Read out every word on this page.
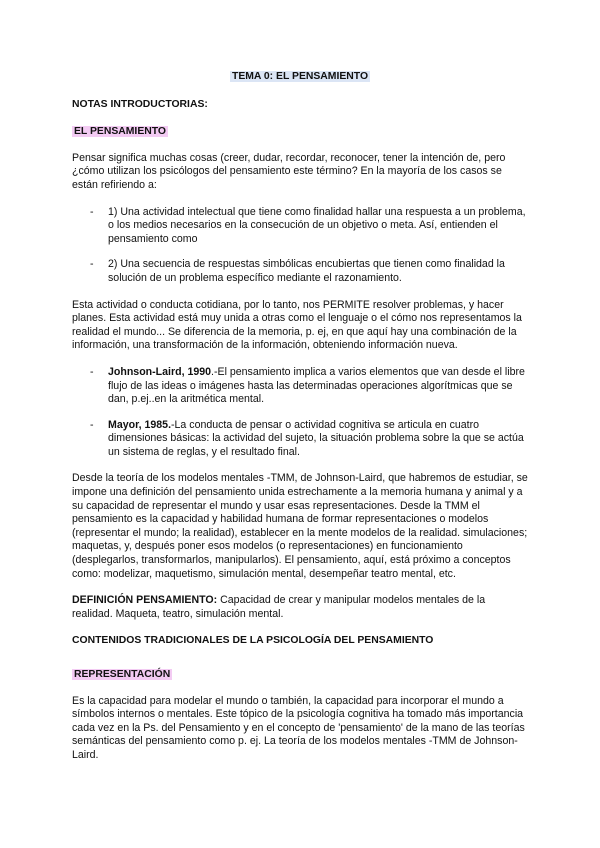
TEMA 0: EL PENSAMIENTO
NOTAS INTRODUCTORIAS:
EL PENSAMIENTO

Pensar significa muchas cosas (creer, dudar, recordar, reconocer, tener la intención de, pero ¿cómo utilizan los psicólogos del pensamiento este término? En la mayoría de los casos se están refiriendo a:

- 1) Una actividad intelectual que tiene como finalidad hallar una respuesta a un problema, o los medios necesarios en la consecución de un objetivo o meta. Así, entienden el pensamiento como
- 2) Una secuencia de respuestas simbólicas encubiertas que tienen como finalidad la solución de un problema específico mediante el razonamiento.

Esta actividad o conducta cotidiana, por lo tanto, nos PERMITE resolver problemas, y hacer planes. Esta actividad está muy unida a otras como el lenguaje o el cómo nos representamos la realidad el mundo... Se diferencia de la memoria, p. ej, en que aquí hay una combinación de la información, una transformación de la información, obteniendo información nueva.

- Johnson-Laird, 1990.-El pensamiento implica a varios elementos que van desde el libre flujo de las ideas o imágenes hasta las determinadas operaciones algorítmicas que se dan, p.ej..en la aritmética mental.
- Mayor, 1985.-La conducta de pensar o actividad cognitiva se articula en cuatro dimensiones básicas: la actividad del sujeto, la situación problema sobre la que se actúa un sistema de reglas, y el resultado final.

Desde la teoría de los modelos mentales -TMM, de Johnson-Laird, que habremos de estudiar, se impone una definición del pensamiento unida estrechamente a la memoria humana y animal y a su capacidad de representar el mundo y usar esas representaciones. Desde la TMM el pensamiento es la capacidad y habilidad humana de formar representaciones o modelos (representar el mundo; la realidad), establecer en la mente modelos de la realidad. simulaciones; maquetas, y, después poner esos modelos (o representaciones) en funcionamiento (desplegarlos, transformarlos, manipularlos). El pensamiento, aquí, está próximo a conceptos como: modelizar, maquetismo, simulación mental, desempeñar teatro mental, etc.

DEFINICIÓN PENSAMIENTO: Capacidad de crear y manipular modelos mentales de la realidad. Maqueta, teatro, simulación mental.

CONTENIDOS TRADICIONALES DE LA PSICOLOGÍA DEL PENSAMIENTO
REPRESENTACIÓN

Es la capacidad para modelar el mundo o también, la capacidad para incorporar el mundo a símbolos internos o mentales. Este tópico de la psicología cognitiva ha tomado más importancia cada vez en la Ps. del Pensamiento y en el concepto de 'pensamiento' de la mano de las teorías semánticas del pensamiento como p. ej. La teoría de los modelos mentales -TMM de Johnson- Laird.
